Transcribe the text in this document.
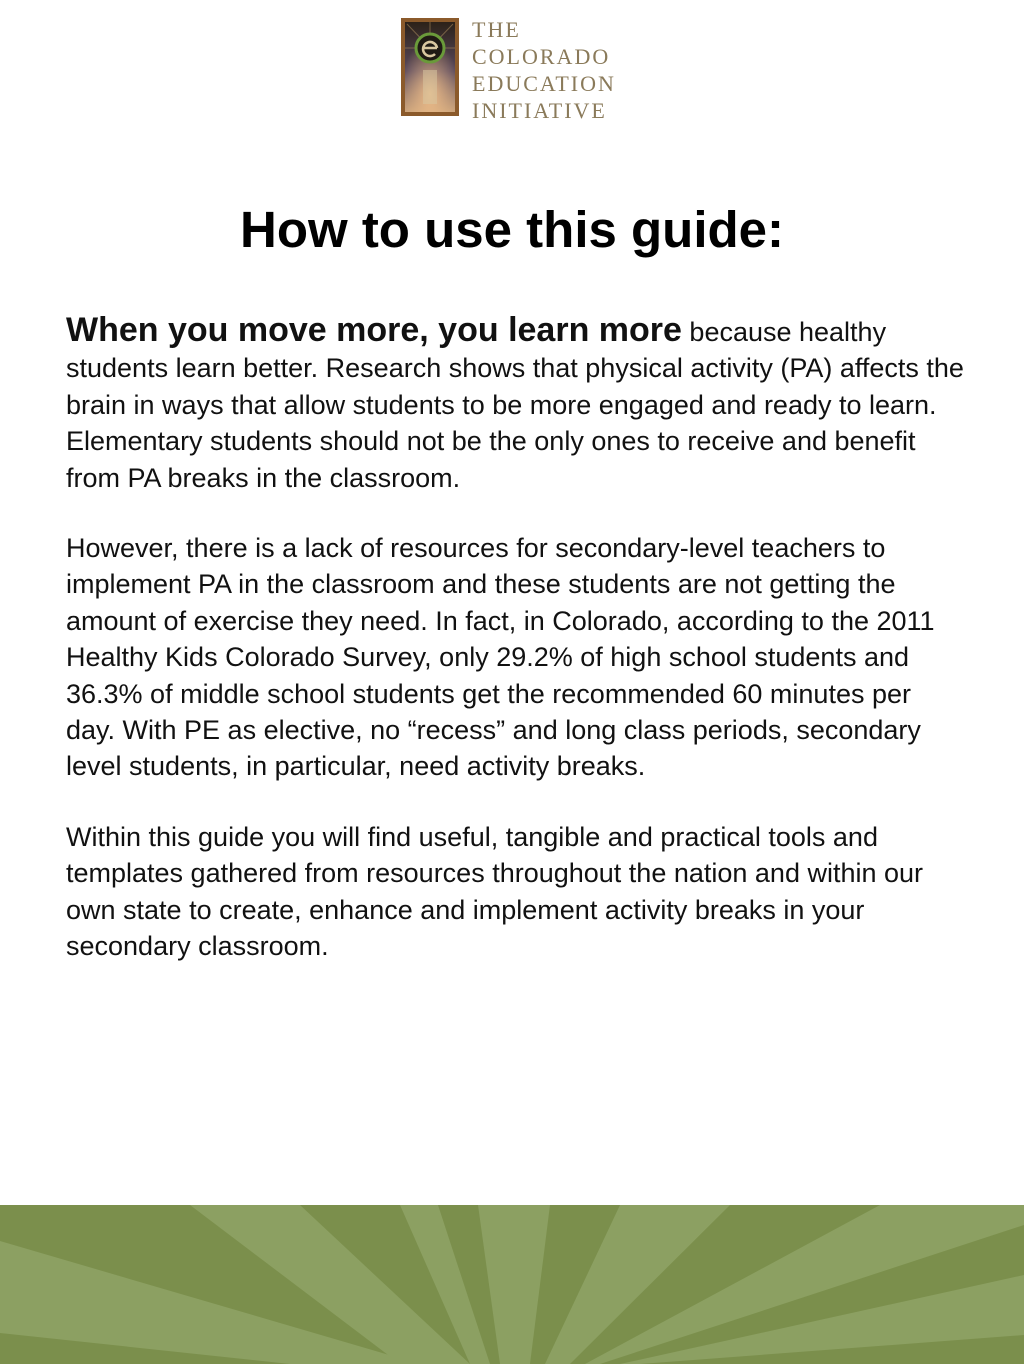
THE
COLORADO
EDUCATION
INITIATIVE
How to use this guide:

When you move more, you learn more because healthy students learn better. Research shows that physical activity (PA) affects the brain in ways that allow students to be more engaged and ready to learn. Elementary students should not be the only ones to receive and benefit from PA breaks in the classroom.

However, there is a lack of resources for secondary-level teachers to implement PA in the classroom and these students are not getting the amount of exercise they need. In fact, in Colorado, according to the 2011 Healthy Kids Colorado Survey, only 29.2% of high school students and 36.3% of middle school students get the recommended 60 minutes per day. With PE as elective, no “recess” and long class periods, secondary level students, in particular, need activity breaks.

Within this guide you will find useful, tangible and practical tools and templates gathered from resources throughout the nation and within our own state to create, enhance and implement activity breaks in your secondary classroom.
